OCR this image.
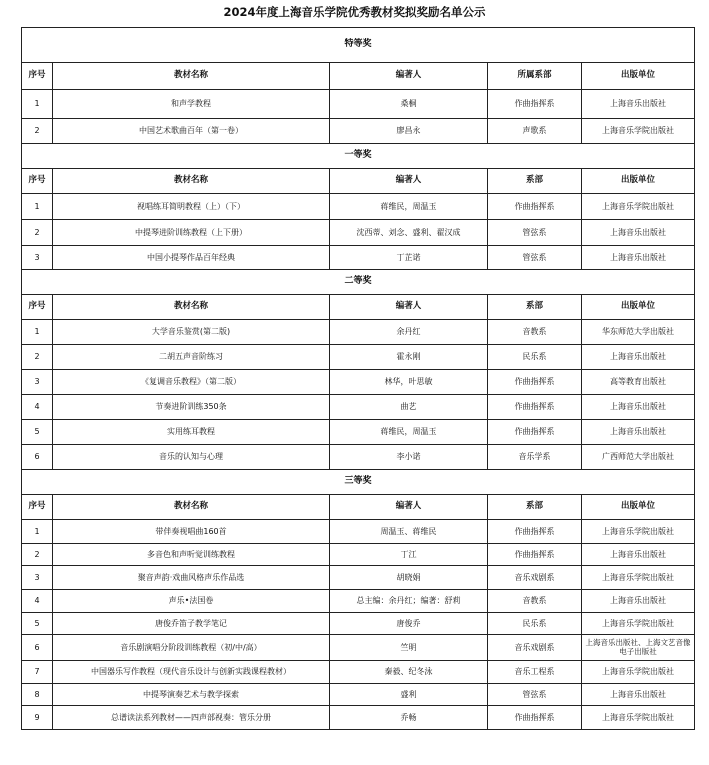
2024年度上海音乐学院优秀教材奖拟奖励名单公示
特等奖				
序号	教材名称	编著人	所属系部	出版单位
1	和声学教程	桑桐	作曲指挥系	上海音乐出版社
2	中国艺术歌曲百年（第一卷）	廖昌永	声歌系	上海音乐学院出版社
一等奖				
序号	教材名称	编著人	系部	出版单位
1	视唱练耳简明教程（上）（下）	蒋维民，周温玉	作曲指挥系	上海音乐学院出版社
2	中提琴进阶训练教程（上下册）	沈西蒂、刘念、盛利、翟汉成	管弦系	上海音乐出版社
3	中国小提琴作品百年经典	丁芷诺	管弦系	上海音乐出版社
二等奖				
序号	教材名称	编著人	系部	出版单位
1	大学音乐鉴赏(第二版)	余丹红	音教系	华东师范大学出版社
2	二胡五声音阶练习	霍永刚	民乐系	上海音乐出版社
3	《复调音乐教程》（第二版）	林华，叶思敏	作曲指挥系	高等教育出版社
4	节奏进阶训练350条	曲艺	作曲指挥系	上海音乐出版社
5	实用练耳教程	蒋维民，周温玉	作曲指挥系	上海音乐出版社
6	音乐的认知与心理	李小诺	音乐学系	广西师范大学出版社
三等奖				
序号	教材名称	编著人	系部	出版单位
1	带伴奏视唱曲160首	周温玉、蒋维民	作曲指挥系	上海音乐学院出版社
2	多音色和声听觉训练教程	丁江	作曲指挥系	上海音乐出版社
3	聚音声韵·戏曲风格声乐作品选	胡晓娟	音乐戏剧系	上海音乐学院出版社
4	声乐•法国卷	总主编：余丹红；编著：舒莉	音教系	上海音乐出版社
5	唐俊乔笛子教学笔记	唐俊乔	民乐系	上海音乐学院出版社
6	音乐剧演唱分阶段训练教程（初/中/高）	竺明	音乐戏剧系	上海音乐出版社、上海文艺音像电子出版社
7	中国器乐写作教程（现代音乐设计与创新实践课程教材）	秦毅、纪冬泳	音乐工程系	上海音乐学院出版社
8	中提琴演奏艺术与教学探索	盛利	管弦系	上海音乐出版社
9	总谱读法系列教材——四声部视奏：管乐分册	乔畅	作曲指挥系	上海音乐学院出版社
